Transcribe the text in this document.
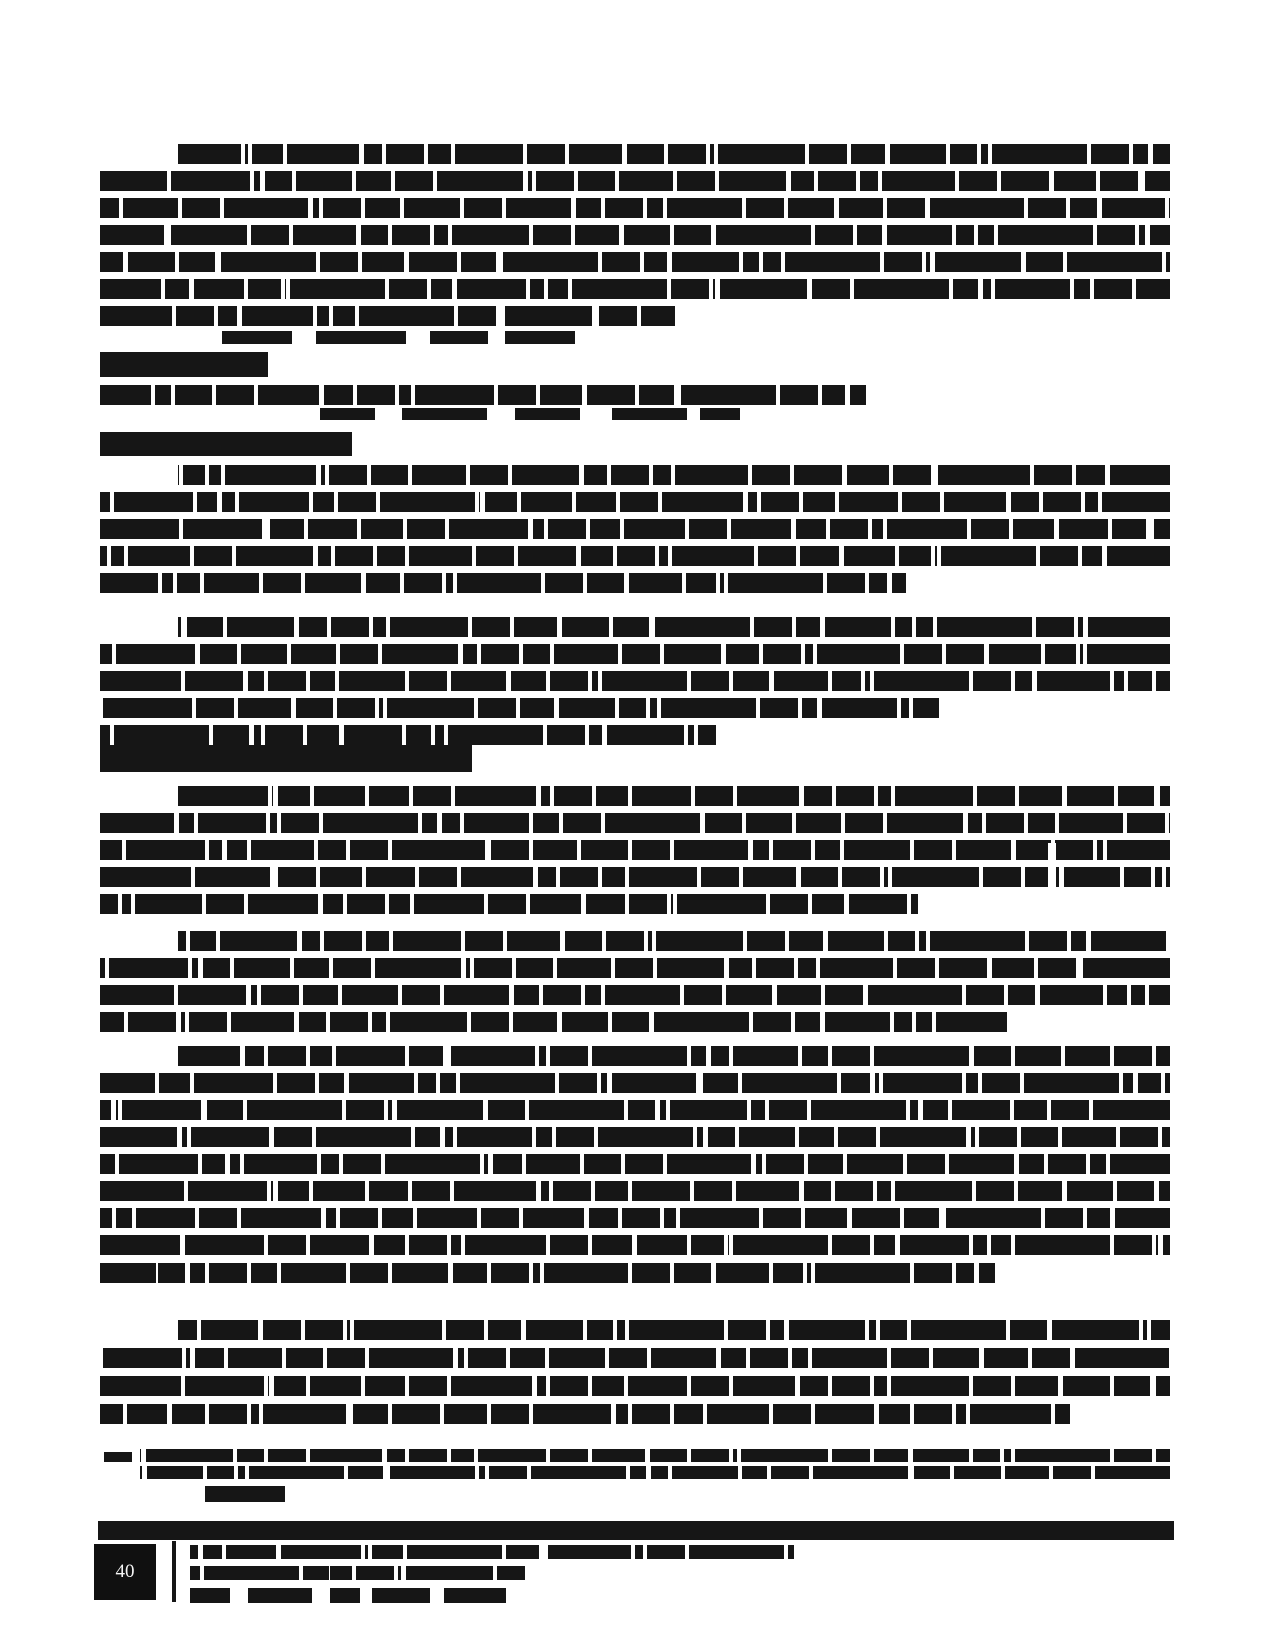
40
